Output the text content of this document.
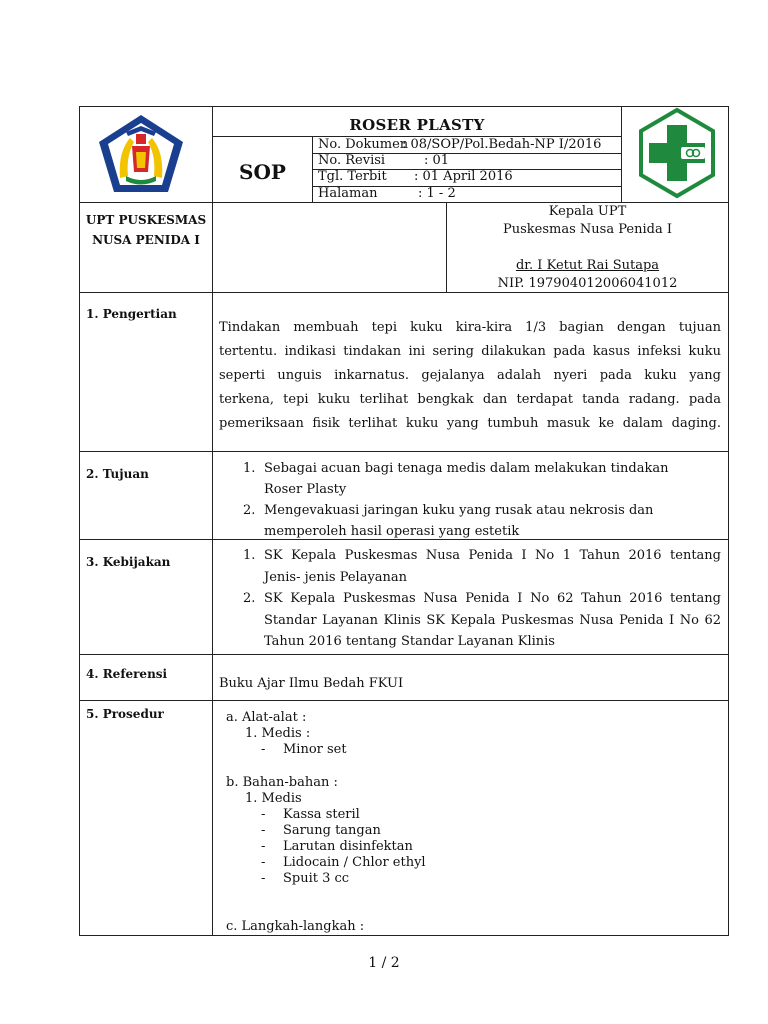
ROSER PLASTY
SOP
No. Dokumen: 08/SOP/Pol.Bedah-NP I/2016
No. Revisi	: 01
Tgl. Terbit : 01 April 2016
Halaman	: 1 - 2
UPT PUSKESMAS
NUSA PENIDA I
Kepala UPT
Puskesmas Nusa Penida I
dr. I Ketut Rai Sutapa
NIP. 197904012006041012
1. Pengertian
Tindakan membuah tepi kuku kira-kira 1/3 bagian dengan tujuan
tertentu. indikasi tindakan ini sering dilakukan pada kasus infeksi kuku
seperti unguis inkarnatus. gejalanya adalah nyeri pada kuku yang
terkena, tepi kuku terlihat bengkak dan terdapat tanda radang. pada
pemeriksaan fisik terlihat kuku yang tumbuh masuk ke dalam daging.
2. Tujuan	1. Sebagai acuan bagi tenaga medis dalam melakukan tindakan
Roser Plasty
2. Mengevakuasi jaringan kuku yang rusak atau nekrosis dan
memperoleh hasil operasi yang estetik
3. Kebijakan	1. SK Kepala Puskesmas Nusa Penida I No 1 Tahun 2016 tentang
Jenis- jenis Pelayanan
2. SK Kepala Puskesmas Nusa Penida I No 62 Tahun 2016 tentang
Standar Layanan Klinis SK Kepala Puskesmas Nusa Penida I No 62
Tahun 2016 tentang Standar Layanan Klinis
4. Referensi
Buku Ajar Ilmu Bedah FKUI
5. Prosedur	a. Alat-alat :
1. Medis :
- Minor set
b. Bahan-bahan :
1. Medis
- Kassa steril
- Sarung tangan
- Larutan disinfektan
- Lidocain / Chlor ethyl
- Spuit 3 cc
c. Langkah-langkah :
1 / 2
